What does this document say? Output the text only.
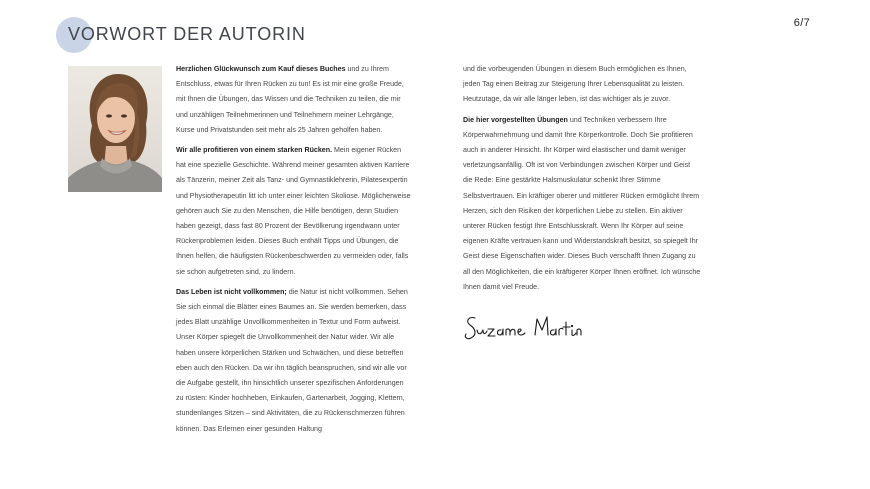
6/7
VORWORT DER AUTORIN

Herzlichen Glückwunsch zum Kauf dieses Buches und zu Ihrem Entschluss, etwas für Ihren Rücken zu tun! Es ist mir eine große Freude, mit Ihnen die Übungen, das Wissen und die Techniken zu teilen, die mir und unzähligen Teilnehmerinnen und Teilnehmern meiner Lehrgänge, Kurse und Privatstunden seit mehr als 25 Jahren geholfen haben.

Wir alle profitieren von einem starken Rücken. Mein eigener Rücken hat eine spezielle Geschichte. Während meiner gesamten aktiven Karriere als Tänzerin, meiner Zeit als Tanz- und Gymnastiklehrerin, Pilatesexpertin und Physiotherapeutin litt ich unter einer leichten Skoliose. Möglicherweise gehören auch Sie zu den Menschen, die Hilfe benötigen, denn Studien haben gezeigt, dass fast 80 Prozent der Bevölkerung irgendwann unter Rückenproblemen leiden. Dieses Buch enthält Tipps und Übungen, die Ihnen helfen, die häufigsten Rückenbeschwerden zu vermeiden oder, falls sie schon aufgetreten sind, zu lindern.

Das Leben ist nicht vollkommen; die Natur ist nicht vollkommen. Sehen Sie sich einmal die Blätter eines Baumes an. Sie werden bemerken, dass jedes Blatt unzählige Unvollkommenheiten in Textur und Form aufweist. Unser Körper spiegelt die Unvollkommenheit der Natur wider. Wir alle haben unsere körperlichen Stärken und Schwächen, und diese betreffen eben auch den Rücken. Da wir ihn täglich beanspruchen, sind wir alle vor die Aufgabe gestellt, ihn hinsichtlich unserer spezifischen Anforderungen zu rüsten: Kinder hochheben, Einkaufen, Gartenarbeit, Jogging, Klettern, stundenlanges Sitzen – sind Aktivitäten, die zu Rückenschmerzen führen können. Das Erlernen einer gesunden Haltung

und die vorbeugenden Übungen in diesem Buch ermöglichen es Ihnen, jeden Tag einen Beitrag zur Steigerung Ihrer Lebensqualität zu leisten. Heutzutage, da wir alle länger leben, ist das wichtiger als je zuvor.

Die hier vorgestellten Übungen und Techniken verbessern Ihre Körperwahrnehmung und damit Ihre Körperkontrolle. Doch Sie profitieren auch in anderer Hinsicht. Ihr Körper wird elastischer und damit weniger verletzungsanfällig. Oft ist von Verbindungen zwischen Körper und Geist die Rede: Eine gestärkte Halsmuskulatur schenkt Ihrer Stimme Selbstvertrauen. Ein kräftiger oberer und mittlerer Rücken ermöglicht Ihrem Herzen, sich den Risiken der körperlichen Liebe zu stellen. Ein aktiver unterer Rücken festigt Ihre Entschlusskraft. Wenn Ihr Körper auf seine eigenen Kräfte vertrauen kann und Widerstandskraft besitzt, so spiegelt Ihr Geist diese Eigenschaften wider. Dieses Buch verschafft Ihnen Zugang zu all den Möglichkeiten, die ein kräftigerer Körper Ihnen eröffnet. Ich wünsche Ihnen damit viel Freude.
